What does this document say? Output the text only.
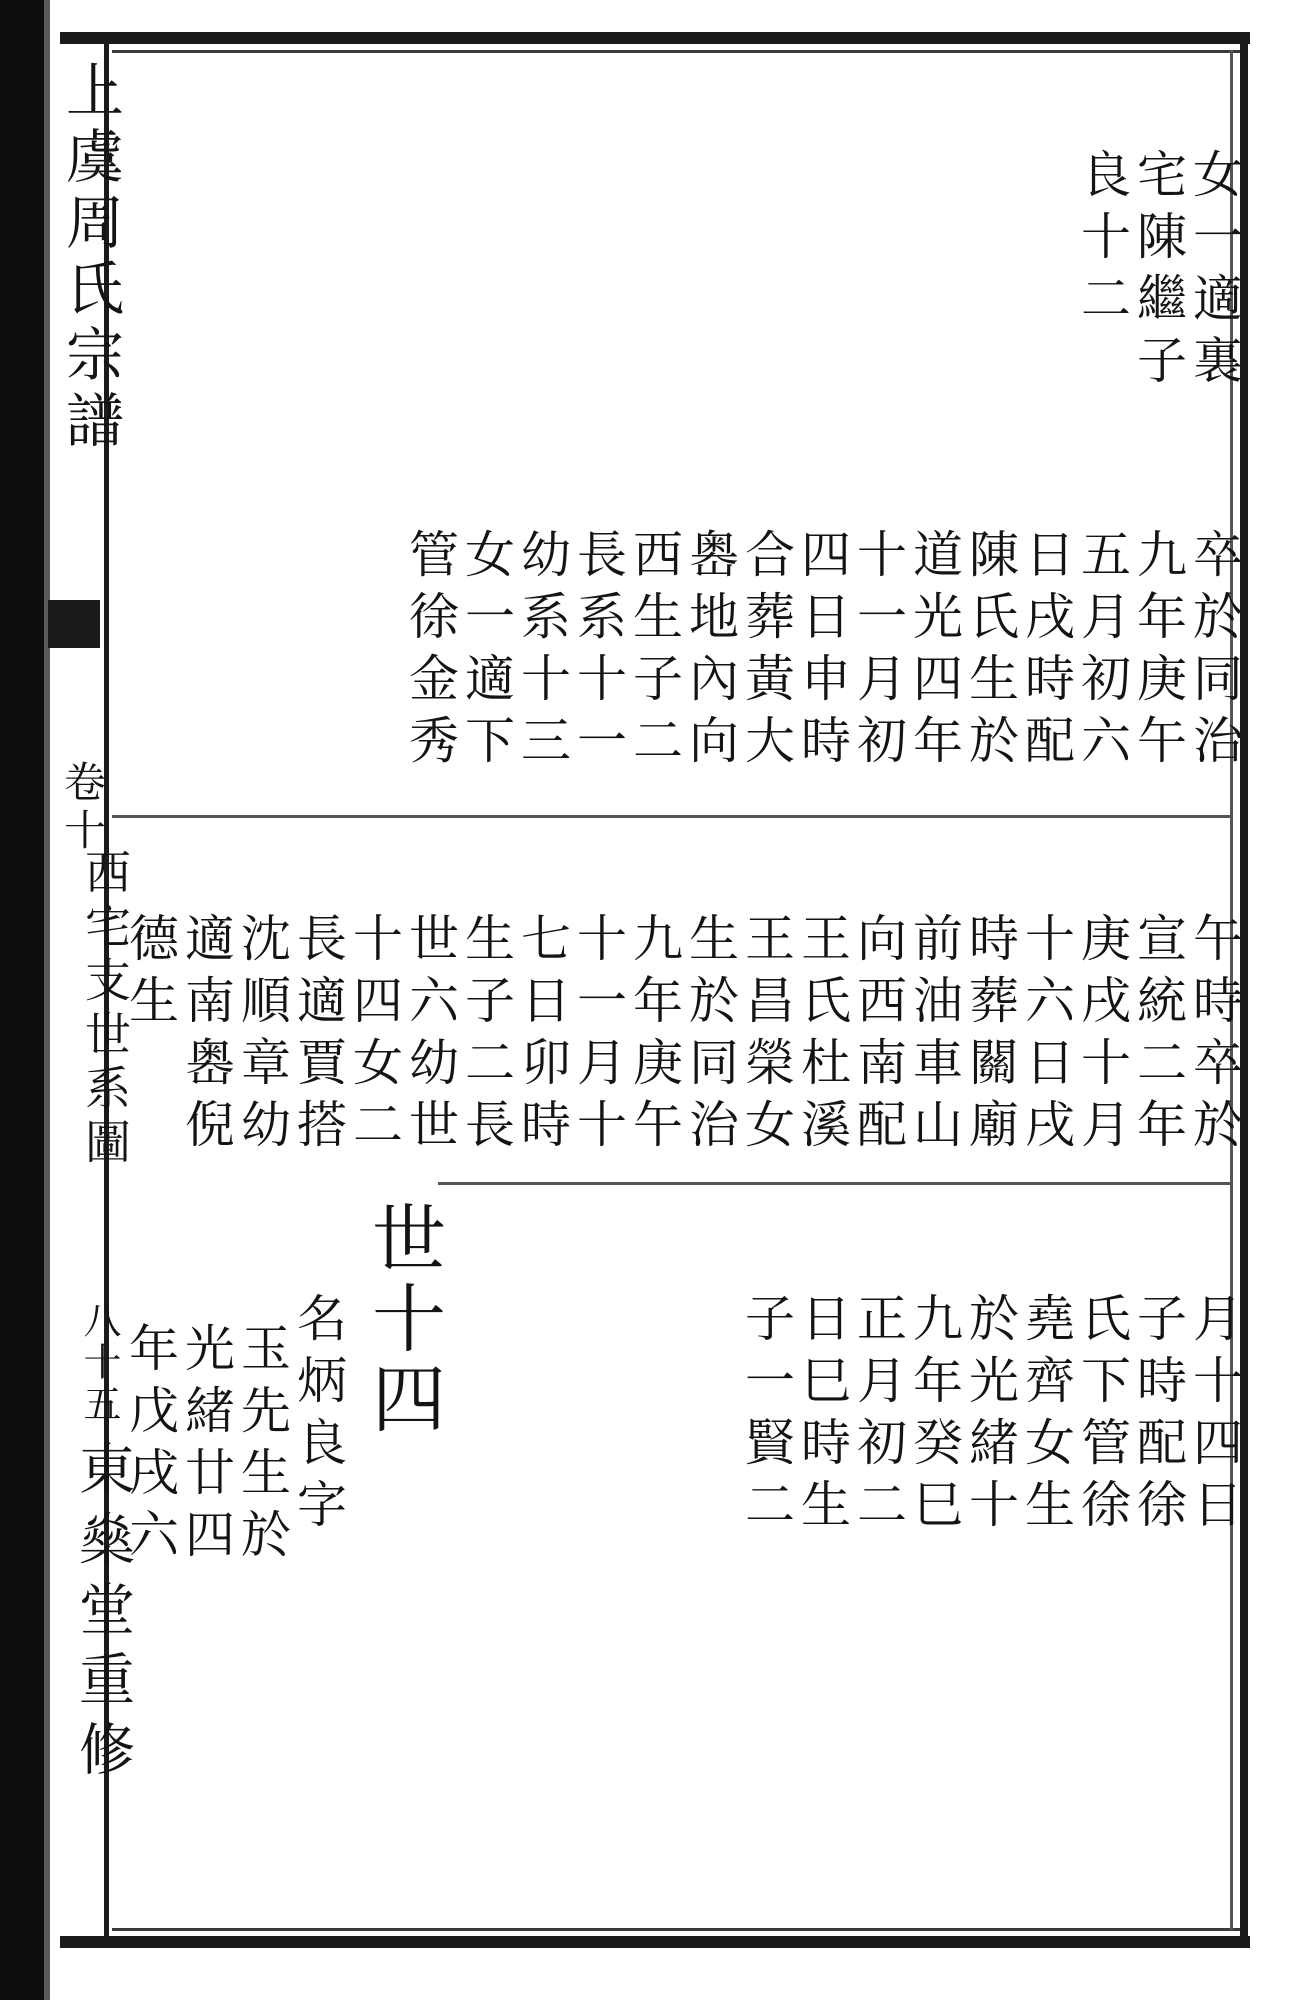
上虞周氏宗譜
卷十
西宅支世系圖
八十五
東燊堂重修
世十四
女一適裏
宅陳繼子
良十二
卒於同治
九年庚午
五月初六
日戌時配
陳氏生於
道光四年
十一月初
四日申時
合葬黃大
嶴地內向
西生子二
長系十一
幼系十三
女一適下
管徐金秀
午時卒於
宣統二年
庚戌十月
十六日戌
時葬關廟
前油車山
向西南配
王氏杜溪
王昌榮女
生於同治
九年庚午
十一月十
七日卯時
生子二長
世六幼世
十四女二
長適賈搭
沈順章幼
適南嶴倪
德生
月十四日
子時配徐
氏下管徐
堯齊女生
於光緒十
九年癸巳
正月初二
日巳時生
子一賢二
名炳良字
玉先生於
光緒廿四
年戊戌六
